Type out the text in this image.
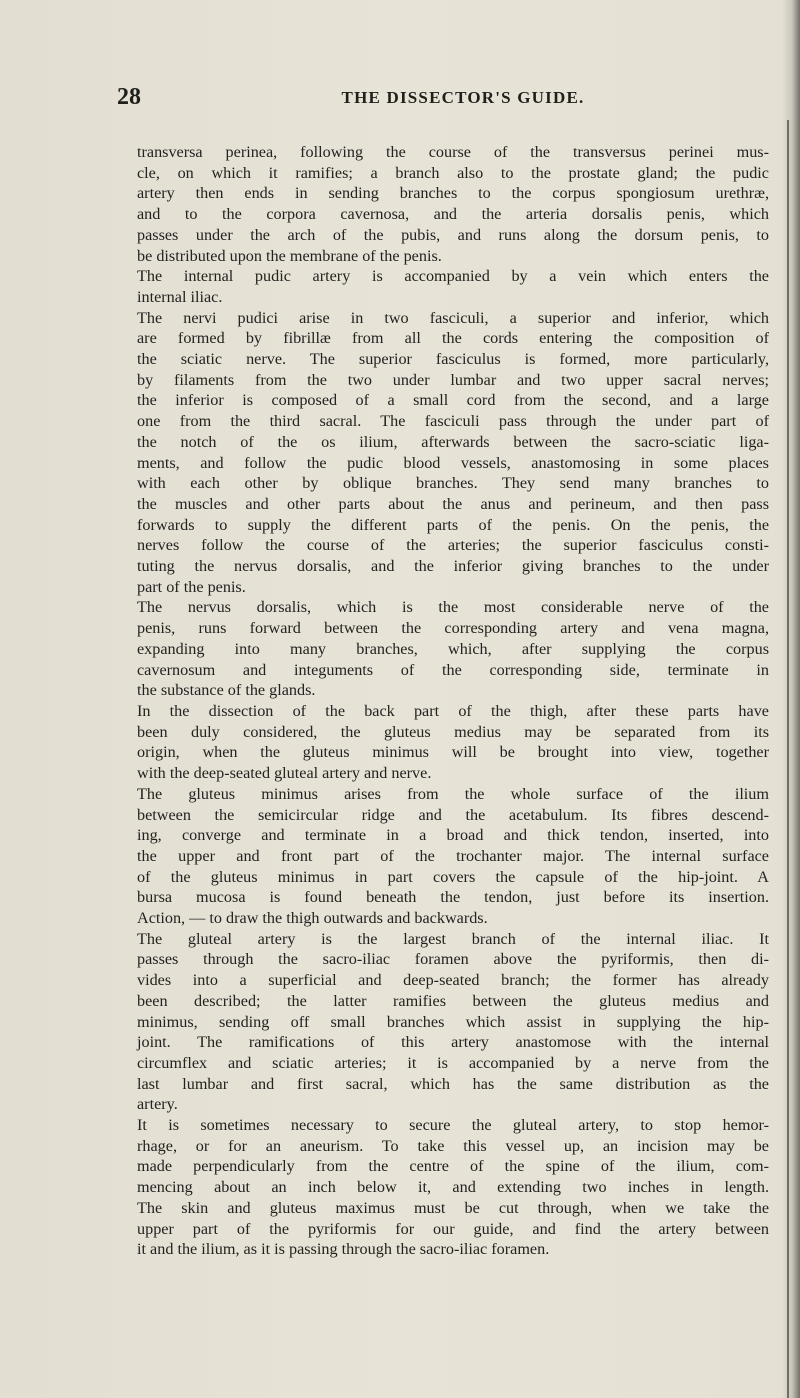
28	THE DISSECTOR'S GUIDE.
transversa perinea, following the course of the transversus perinei mus-
cle, on which it ramifies; a branch also to the prostate gland; the pudic
artery then ends in sending branches to the corpus spongiosum urethræ,
and to the corpora cavernosa, and the arteria dorsalis penis, which
passes under the arch of the pubis, and runs along the dorsum penis, to
be distributed upon the membrane of the penis.
The internal pudic artery is accompanied by a vein which enters the
internal iliac.
The nervi pudici arise in two fasciculi, a superior and inferior, which
are formed by fibrillæ from all the cords entering the composition of
the sciatic nerve. The superior fasciculus is formed, more particularly,
by filaments from the two under lumbar and two upper sacral nerves;
the inferior is composed of a small cord from the second, and a large
one from the third sacral. The fasciculi pass through the under part of
the notch of the os ilium, afterwards between the sacro-sciatic liga-
ments, and follow the pudic blood vessels, anastomosing in some places
with each other by oblique branches. They send many branches to
the muscles and other parts about the anus and perineum, and then pass
forwards to supply the different parts of the penis. On the penis, the
nerves follow the course of the arteries; the superior fasciculus consti-
tuting the nervus dorsalis, and the inferior giving branches to the under
part of the penis.
The nervus dorsalis, which is the most considerable nerve of the
penis, runs forward between the corresponding artery and vena magna,
expanding into many branches, which, after supplying the corpus
cavernosum and integuments of the corresponding side, terminate in
the substance of the glands.
In the dissection of the back part of the thigh, after these parts have
been duly considered, the gluteus medius may be separated from its
origin, when the gluteus minimus will be brought into view, together
with the deep-seated gluteal artery and nerve.
The gluteus minimus arises from the whole surface of the ilium
between the semicircular ridge and the acetabulum. Its fibres descend-
ing, converge and terminate in a broad and thick tendon, inserted, into
the upper and front part of the trochanter major. The internal surface
of the gluteus minimus in part covers the capsule of the hip-joint. A
bursa mucosa is found beneath the tendon, just before its insertion.
Action, — to draw the thigh outwards and backwards.
The gluteal artery is the largest branch of the internal iliac. It
passes through the sacro-iliac foramen above the pyriformis, then di-
vides into a superficial and deep-seated branch; the former has already
been described; the latter ramifies between the gluteus medius and
minimus, sending off small branches which assist in supplying the hip-
joint. The ramifications of this artery anastomose with the internal
circumflex and sciatic arteries; it is accompanied by a nerve from the
last lumbar and first sacral, which has the same distribution as the
artery.
It is sometimes necessary to secure the gluteal artery, to stop hemor-
rhage, or for an aneurism. To take this vessel up, an incision may be
made perpendicularly from the centre of the spine of the ilium, com-
mencing about an inch below it, and extending two inches in length.
The skin and gluteus maximus must be cut through, when we take the
upper part of the pyriformis for our guide, and find the artery between
it and the ilium, as it is passing through the sacro-iliac foramen.
